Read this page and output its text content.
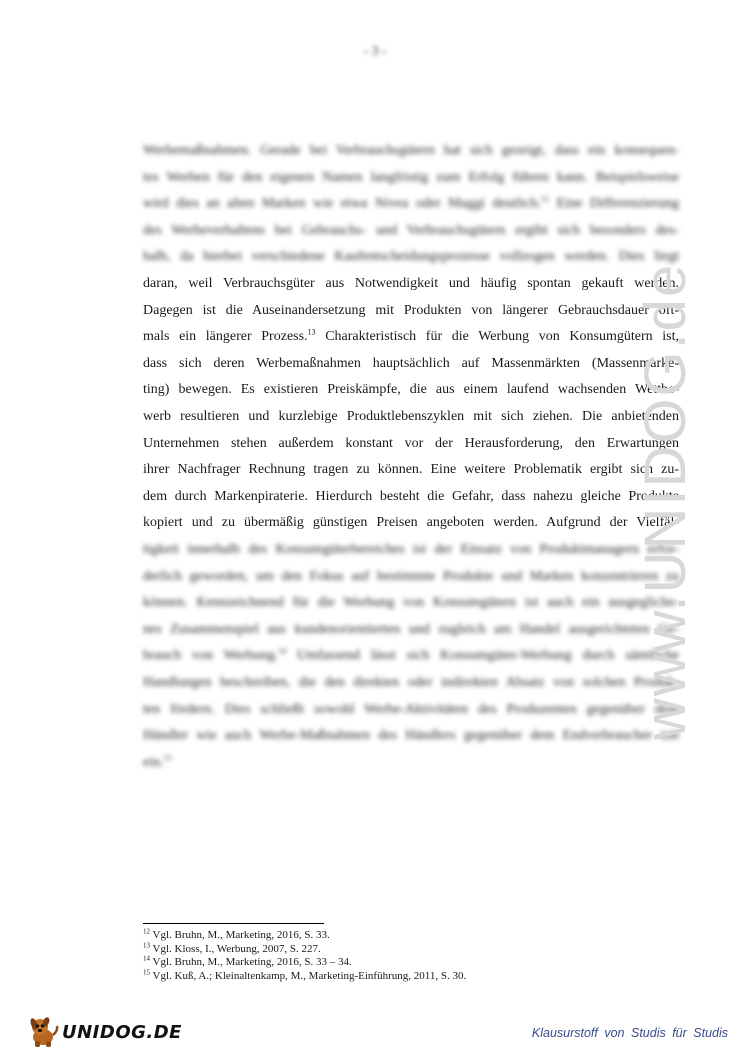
- 3 -
Werbemaßnahmen. Gerade bei Verbrauchsgütern hat sich gezeigt, dass ein konsequen-
tes Werben für den eigenen Namen langfristig zum Erfolg führen kann. Beispielsweise
wird dies an alten Marken wie etwa Nivea oder Maggi deutlich.$^{12}$ Eine Differenzierung
des Werbeverhaltens bei Gebrauchs- und Verbrauchsgütern ergibt sich besonders des-
halb, da hierbei verschiedene Kaufentscheidungsprozesse vollzogen werden. Dies liegt
daran, weil Verbrauchsgüter aus Notwendigkeit und häufig spontan gekauft werden.
Dagegen ist die Auseinandersetzung mit Produkten von längerer Gebrauchsdauer oft-
mals ein längerer Prozess.$^{13}$ Charakteristisch für die Werbung von Konsumgütern ist,
dass sich deren Werbemaßnahmen hauptsächlich auf Massenmärkten (Massenmarke-
ting) bewegen. Es existieren Preiskämpfe, die aus einem laufend wachsenden Wettbe-
werb resultieren und kurzlebige Produktlebenszyklen mit sich ziehen. Die anbietenden
Unternehmen stehen außerdem konstant vor der Herausforderung, den Erwartungen
ihrer Nachfrager Rechnung tragen zu können. Eine weitere Problematik ergibt sich zu-
dem durch Markenpiraterie. Hierdurch besteht die Gefahr, dass nahezu gleiche Produkte
kopiert und zu übermäßig günstigen Preisen angeboten werden. Aufgrund der Vielfäl-
tigkeit innerhalb des Konsumgüterbereiches ist der Einsatz von Produktmanagern erfor-
derlich geworden, um den Fokus auf bestimmte Produkte und Marken konzentrieren zu
können. Kennzeichnend für die Werbung von Konsumgütern ist auch ein ausgegliche-
nes Zusammenspiel aus kundenorientierten und zugleich am Handel ausgerichteten Ge-
brauch von Werbung.$^{14}$ Umfassend lässt sich Konsumgüter-Werbung durch sämtliche
Handlungen beschreiben, die den direkten oder indirekten Absatz von solchen Produk-
ten fördern. Dies schließt sowohl Werbe-Aktivitäten des Produzenten gegenüber dem
Händler wie auch Werbe-Maßnahmen des Händlers gegenüber dem Endverbraucher mit
ein.$^{15}$
www.UNIDOG.de
$^{12}$ Vgl. Bruhn, M., Marketing, 2016, S. 33.
$^{13}$ Vgl. Kloss, I., Werbung, 2007, S. 227.
$^{14}$ Vgl. Bruhn, M., Marketing, 2016, S. 33 – 34.
$^{15}$ Vgl. Kuß, A.; Kleinaltenkamp, M., Marketing-Einführung, 2011, S. 30.
UNIDOG.DE	Klausurstoff von Studis für Studis
